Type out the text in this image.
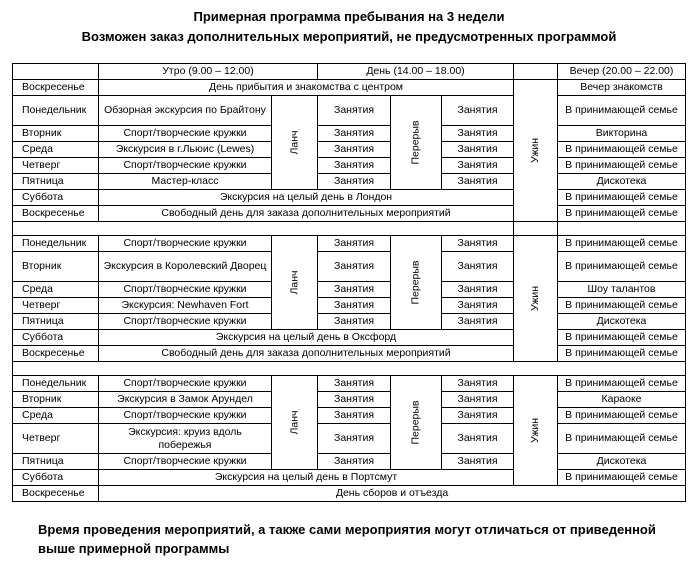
Примерная программа пребывания на 3 недели
Возможен заказ дополнительных мероприятий, не предусмотренных программой
	Утро (9.00 – 12.00)		День (14.00 – 18.00)				Вечер (20.00 – 22.00)
Воскресенье	День прибытия и знакомства с центром					Ужин	Вечер знакомств
Понедельник	Обзорная экскурсия по Брайтону	Ланч	Занятия	Перерыв	Занятия		В принимающей семье
Вторник	Спорт/творческие кружки		Занятия		Занятия		Викторина
Среда	Экскурсия в г.Льюис (Lewes)		Занятия		Занятия		В принимающей семье
Четверг	Спорт/творческие кружки		Занятия		Занятия		В принимающей семье
Пятница	Мастер-класс		Занятия		Занятия		Дискотека
Суббота	Экскурсия на целый день в Лондон						В принимающей семье
Воскресенье	Свободный день для заказа дополнительных мероприятий						В принимающей семье

Понедельник	Спорт/творческие кружки	Ланч	Занятия	Перерыв	Занятия	Ужин	В принимающей семье
Вторник	Экскурсия в Королевский Дворец		Занятия		Занятия		В принимающей семье
Среда	Спорт/творческие кружки		Занятия		Занятия		Шоу талантов
Четверг	Экскурсия: Newhaven Fort		Занятия		Занятия		В принимающей семье
Пятница	Спорт/творческие кружки		Занятия		Занятия		Дискотека
Суббота	Экскурсия на целый день в Оксфорд						В принимающей семье
Воскресенье	Свободный день для заказа дополнительных мероприятий						В принимающей семье

Понедельник	Спорт/творческие кружки	Ланч	Занятия	Перерыв	Занятия	Ужин	В принимающей семье
Вторник	Экскурсия в Замок Арундел		Занятия		Занятия		Караоке
Среда	Спорт/творческие кружки		Занятия		Занятия		В принимающей семье
Четверг	Экскурсия: круиз вдоль побережья		Занятия		Занятия		В принимающей семье
Пятница	Спорт/творческие кружки		Занятия		Занятия		Дискотека
Суббота	Экскурсия на целый день в Портсмут						В принимающей семье
Воскресенье	День сборов и отъезда						
Время проведения мероприятий, а также сами мероприятия могут отличаться от приведенной выше примерной программы
